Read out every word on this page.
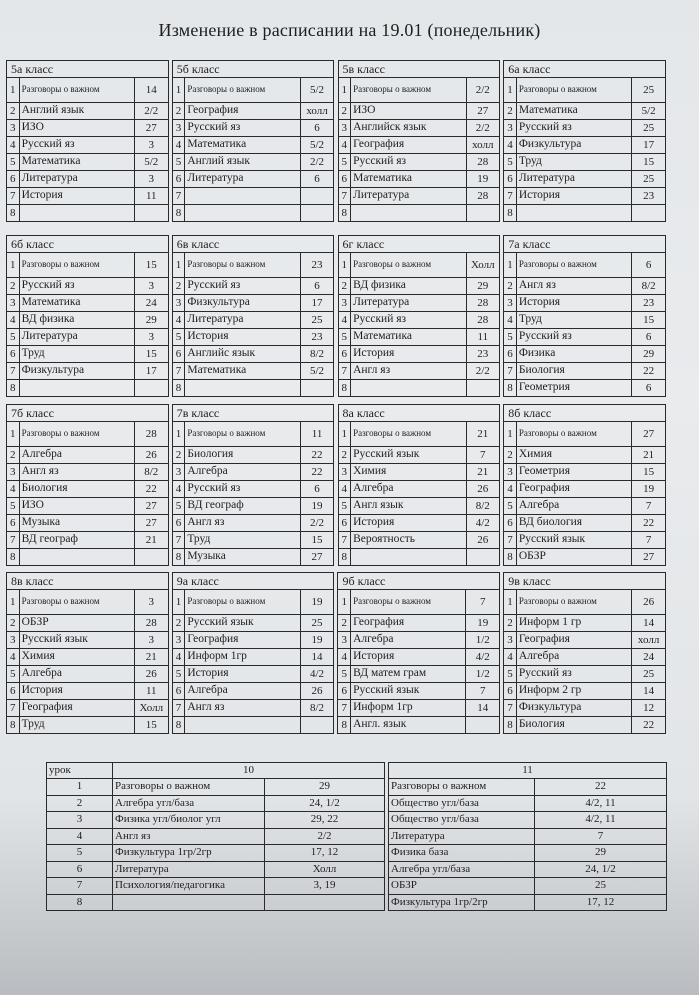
Изменение в расписании на 19.01 (понедельник)
5а класс				5б класс				5в класс				6а класс		
1	Разговоры о важном	14		1	Разговоры о важном	5/2		1	Разговоры о важном	2/2		1	Разговоры о важном	25
2	Англий язык	2/2		2	География	холл		2	ИЗО	27		2	Математика	5/2
3	ИЗО	27		3	Русский яз	6		3	Английск язык	2/2		3	Русский яз	25
4	Русский яз	3		4	Математика	5/2		4	География	холл		4	Физкультура	17
5	Математика	5/2		5	Англий язык	2/2		5	Русский яз	28		5	Труд	15
6	Литература	3		6	Литература	6		6	Математика	19		6	Литература	25
7	История	11		7				7	Литература	28		7	История	23
8				8				8				8		
6б класс				6в класс				6г класс				7а класс		
1	Разговоры о важном	15		1	Разговоры о важном	23		1	Разговоры о важном	Холл		1	Разговоры о важном	6
2	Русский яз	3		2	Русский яз	6		2	ВД физика	29		2	Англ яз	8/2
3	Математика	24		3	Физкультура	17		3	Литература	28		3	История	23
4	ВД физика	29		4	Литература	25		4	Русский яз	28		4	Труд	15
5	Литература	3		5	История	23		5	Математика	11		5	Русский яз	6
6	Труд	15		6	Английс язык	8/2		6	История	23		6	Физика	29
7	Физкультура	17		7	Математика	5/2		7	Англ яз	2/2		7	Биология	22
8				8				8				8	Геометрия	6
7б класс				7в класс				8а класс				8б класс		
1	Разговоры о важном	28		1	Разговоры о важном	11		1	Разговоры о важном	21		1	Разговоры о важном	27
2	Алгебра	26		2	Биология	22		2	Русский язык	7		2	Химия	21
3	Англ яз	8/2		3	Алгебра	22		3	Химия	21		3	Геометрия	15
4	Биология	22		4	Русский яз	6		4	Алгебра	26		4	География	19
5	ИЗО	27		5	ВД географ	19		5	Англ язык	8/2		5	Алгебра	7
6	Музыка	27		6	Англ яз	2/2		6	История	4/2		6	ВД биология	22
7	ВД географ	21		7	Труд	15		7	Вероятность	26		7	Русский язык	7
8				8	Музыка	27		8				8	ОБЗР	27
8в класс				9а класс				9б класс				9в класс		
1	Разговоры о важном	3		1	Разговоры о важном	19		1	Разговоры о важном	7		1	Разговоры о важном	26
2	ОБЗР	28		2	Русский язык	25		2	География	19		2	Информ 1 гр	14
3	Русский язык	3		3	География	19		3	Алгебра	1/2		3	География	холл
4	Химия	21		4	Информ 1гр	14		4	История	4/2		4	Алгебра	24
5	Алгебра	26		5	История	4/2		5	ВД матем грам	1/2		5	Русский яз	25
6	История	11		6	Алгебра	26		6	Русский язык	7		6	Информ 2 гр	14
7	География	Холл		7	Англ яз	8/2		7	Информ 1гр	14		7	Физкультура	12
8	Труд	15		8				8	Англ. язык			8	Биология	22
урок	10			11	
1	Разговоры о важном	29		Разговоры о важном	22
2	Алгебра угл/база	24, 1/2		Общество угл/база	4/2, 11
3	Физика угл/биолог угл	29, 22		Общество угл/база	4/2, 11
4	Англ яз	2/2		Литература	7
5	Физкультура 1гр/2гр	17, 12		Физика база	29
6	Литература	Холл		Алгебра угл/база	24, 1/2
7	Психология/педагогика	3, 19		ОБЗР	25
8				Физкультура 1гр/2гр	17, 12
